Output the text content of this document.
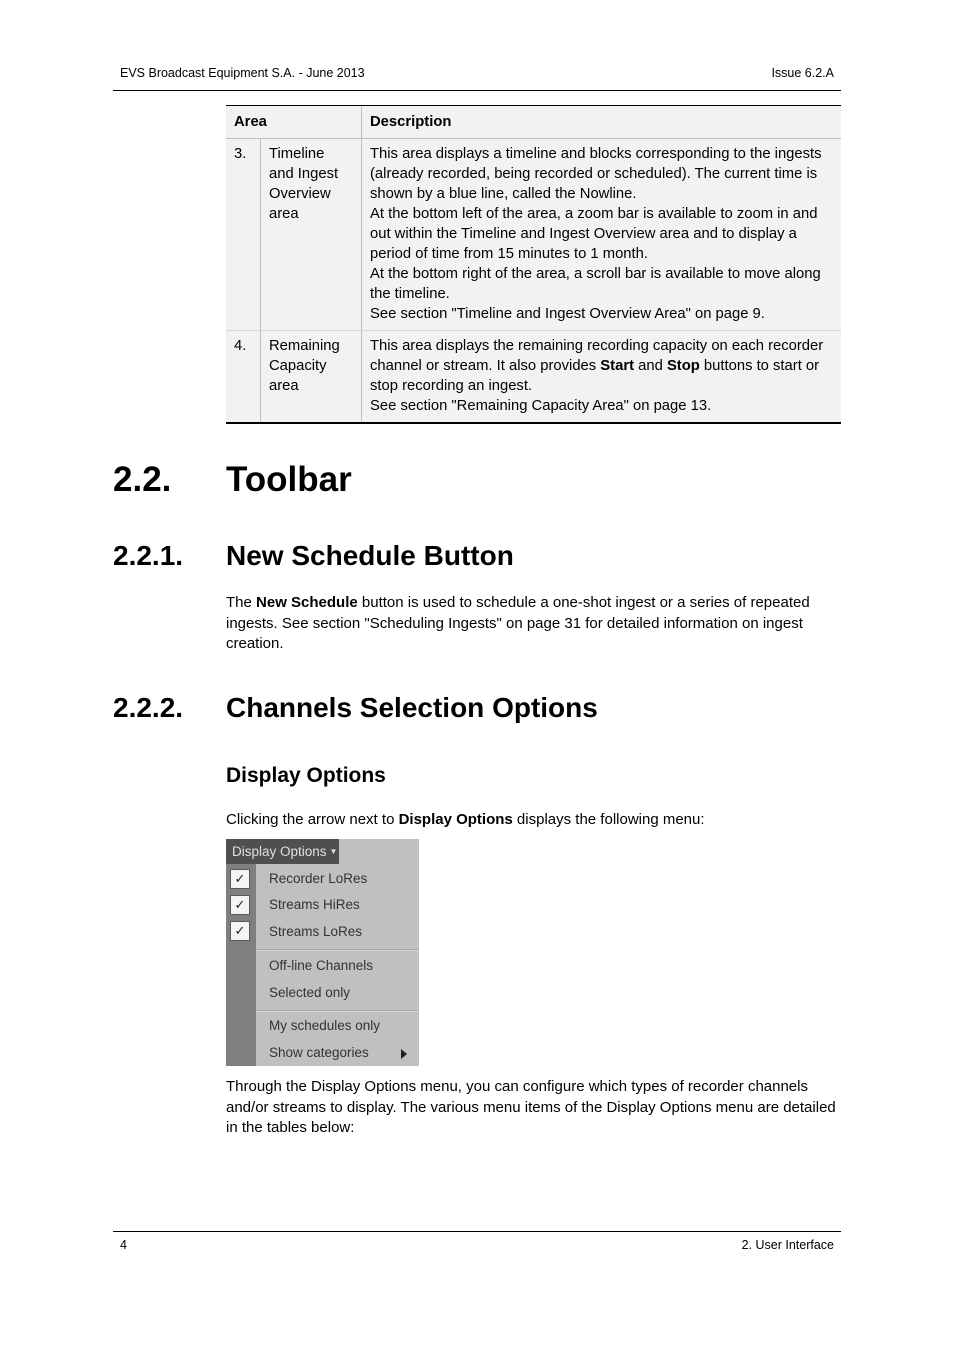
EVS Broadcast Equipment S.A. - June 2013	Issue 6.2.A
Area		Description
3.	Timeline and Ingest Overview area	This area displays a timeline and blocks corresponding to the ingests (already recorded, being recorded or scheduled). The current time is shown by a blue line, called the Nowline.
At the bottom left of the area, a zoom bar is available to zoom in and out within the Timeline and Ingest Overview area and to display a period of time from 15 minutes to 1 month.
At the bottom right of the area, a scroll bar is available to move along the timeline.
See section "Timeline and Ingest Overview Area" on page 9.

4.	Remaining Capacity area	This area displays the remaining recording capacity on each recorder channel or stream. It also provides Start and Stop buttons to start or stop recording an ingest.
See section "Remaining Capacity Area" on page 13.
2.2. Toolbar
2.2.1. New Schedule Button
The New Schedule button is used to schedule a one-shot ingest or a series of repeated ingests. See section "Scheduling Ingests" on page 31 for detailed information on ingest creation.
2.2.2. Channels Selection Options
Display Options
Clicking the arrow next to Display Options displays the following menu:
Display Options ▼
✓	Recorder LoRes
✓	Streams HiRes
✓	Streams LoRes
Off-line Channels
Selected only
My schedules only
Show categories
Through the Display Options menu, you can configure which types of recorder channels and/or streams to display. The various menu items of the Display Options menu are detailed in the tables below:
4	2. User Interface
